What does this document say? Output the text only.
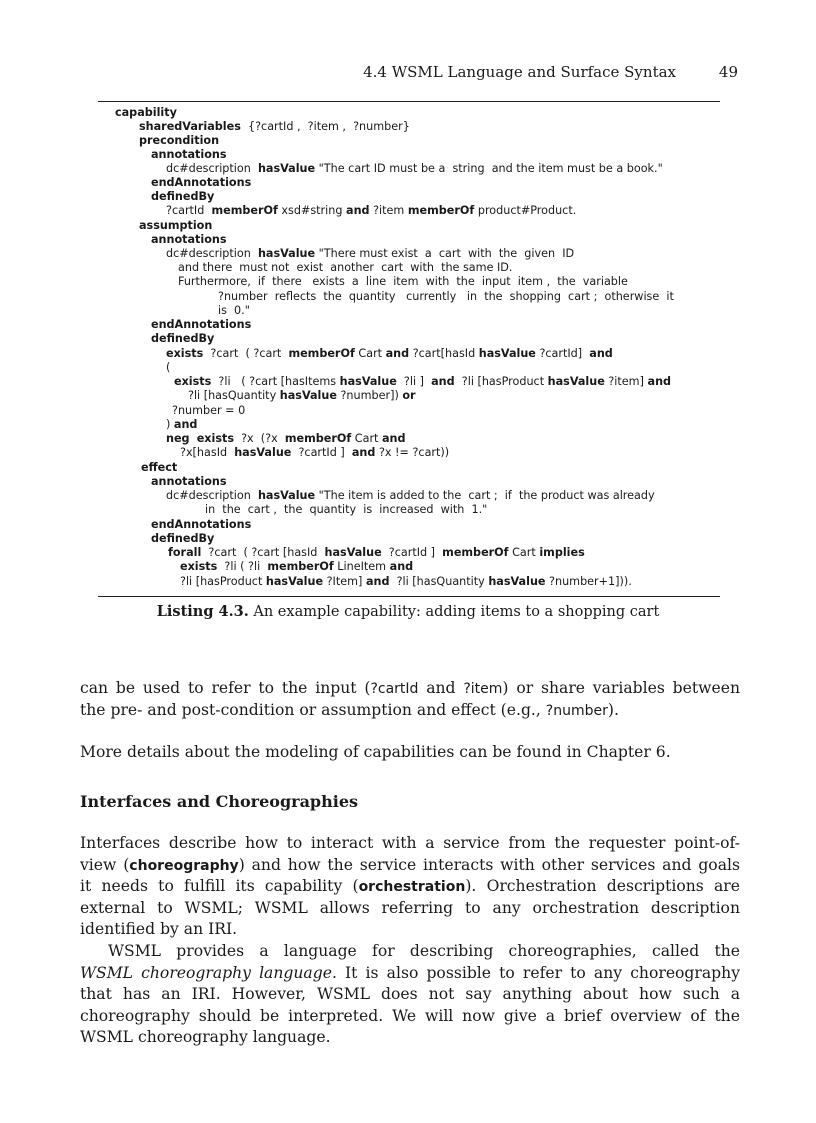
4.4 WSML Language and Surface Syntax	49
capability
sharedVariables  {?cartId ,  ?item ,  ?number}
precondition
annotations
dc#description  hasValue "The cart ID must be a  string  and the item must be a book."
endAnnotations
definedBy
?cartId  memberOf xsd#string and ?item memberOf product#Product.
assumption
annotations
dc#description  hasValue "There must exist  a  cart  with  the  given  ID
and there  must not  exist  another  cart  with  the same ID.
Furthermore,  if  there   exists  a  line  item  with  the  input  item ,  the  variable
?number  reflects  the  quantity   currently   in  the  shopping  cart ;  otherwise  it
is  0."
endAnnotations
definedBy
exists  ?cart  ( ?cart  memberOf Cart and ?cart[hasId hasValue ?cartId]  and
(
exists  ?li   ( ?cart [hasItems hasValue  ?li ]  and  ?li [hasProduct hasValue ?item] and
?li [hasQuantity hasValue ?number]) or
?number = 0
) and
neg exists  ?x  (?x  memberOf Cart and
?x[hasId  hasValue  ?cartId ]  and ?x != ?cart))
effect
annotations
dc#description  hasValue "The item is added to the  cart ;  if  the product was already
in  the  cart ,  the  quantity  is  increased  with  1."
endAnnotations
definedBy
forall  ?cart  ( ?cart [hasId  hasValue  ?cartId ]  memberOf Cart implies
exists  ?li ( ?li  memberOf LineItem and
?li [hasProduct hasValue ?Item] and  ?li [hasQuantity hasValue ?number+1])).
Listing 4.3. An example capability: adding items to a shopping cart
can be used to refer to the input (?cartId and ?item) or share variables between
the pre- and post-condition or assumption and effect (e.g., ?number).
More details about the modeling of capabilities can be found in Chapter 6.
Interfaces and Choreographies
Interfaces describe how to interact with a service from the requester point-of-
view (choreography) and how the service interacts with other services and goals
it needs to fulfill its capability (orchestration). Orchestration descriptions are
external to WSML; WSML allows referring to any orchestration description
identified by an IRI.
WSML provides a language for describing choreographies, called the
WSML choreography language. It is also possible to refer to any choreography
that has an IRI. However, WSML does not say anything about how such a
choreography should be interpreted. We will now give a brief overview of the
WSML choreography language.
